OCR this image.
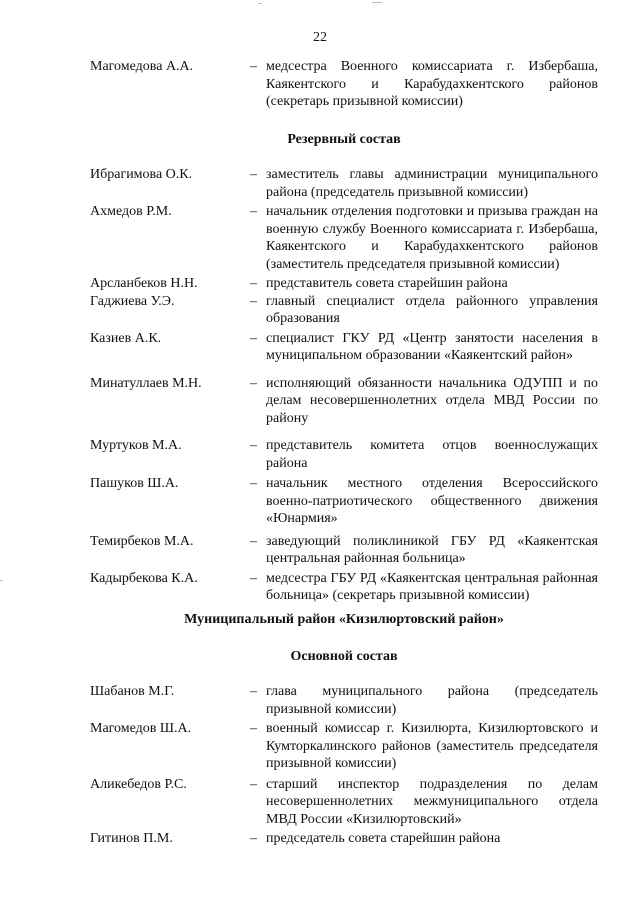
22
Магомедова А.А.	– медсестра Военного комиссариата г. Избербаша, Каякентского и Карабудахкентского районов (секретарь призывной комиссии)
Резервный состав
Ибрагимова О.К.	– заместитель главы администрации муниципального района (председатель призывной комиссии)
Ахмедов Р.М.	– начальник отделения подготовки и призыва граждан на военную службу Военного комиссариата г. Избербаша, Каякентского и Карабудахкентского районов (заместитель председателя призывной комиссии)
Арсланбеков Н.Н.	– представитель совета старейшин района
Гаджиева У.Э.	– главный специалист отдела районного управления образования
Казиев А.К.	– специалист ГКУ РД «Центр занятости населения в муниципальном образовании «Каякентский район»
Минатуллаев М.Н.	– исполняющий обязанности начальника ОДУПП и по делам несовершеннолетних отдела МВД России по району
Муртуков М.А.	– представитель комитета отцов военнослужащих района
Пашуков Ш.А.	– начальник местного отделения Всероссийского военно-патриотического общественного движения «Юнармия»
Темирбеков М.А.	– заведующий поликлиникой ГБУ РД «Каякентская центральная районная больница»
Кадырбекова К.А.	– медсестра ГБУ РД «Каякентская центральная районная больница» (секретарь призывной комиссии)
Муниципальный район «Кизилюртовский район»
Основной состав
Шабанов М.Г.	– глава муниципального района (председатель призывной комиссии)
Магомедов Ш.А.	– военный комиссар г. Кизилюрта, Кизилюртовского и Кумторкалинского районов (заместитель председателя призывной комиссии)
Аликебедов Р.С.	– старший инспектор подразделения по делам несовершеннолетних межмуниципального отдела МВД России «Кизилюртовский»
Гитинов П.М.	– председатель совета старейшин района
